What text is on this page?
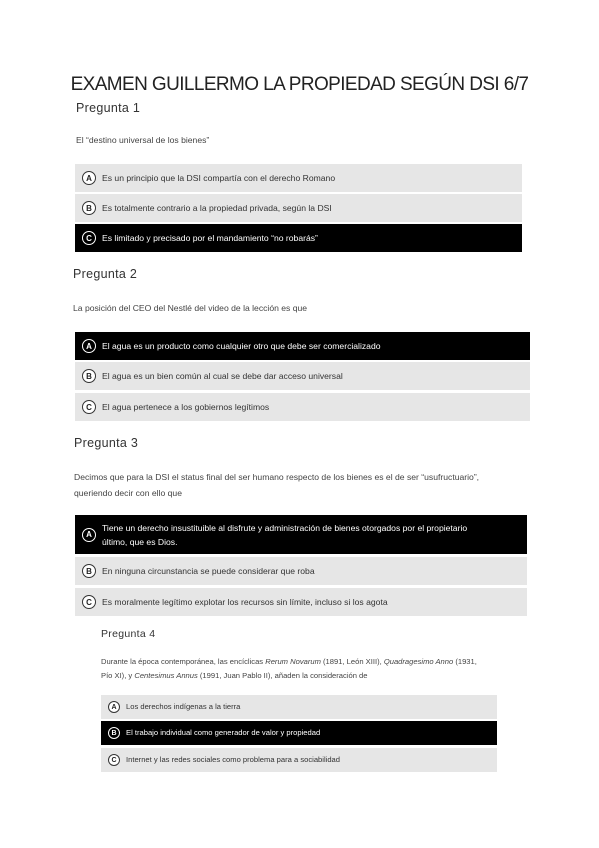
EXAMEN GUILLERMO LA PROPIEDAD SEGÚN DSI 6/7
Pregunta 1
El “destino universal de los bienes”
A	Es un principio que la DSI compartía con el derecho Romano
B	Es totalmente contrario a la propiedad privada, según la DSI
C	Es limitado y precisado por el mandamiento “no robarás”
Pregunta 2
La posición del CEO del Nestlé del video de la lección es que
A	El agua es un producto como cualquier otro que debe ser comercializado
B	El agua es un bien común al cual se debe dar acceso universal
C	El agua pertenece a los gobiernos legítimos
Pregunta 3
Decimos que para la DSI el status final del ser humano respecto de los bienes es el de ser “usufructuario”,
queriendo decir con ello que
A
Tiene un derecho insustituible al disfrute y administración de bienes otorgados por el propietario
último, que es Dios.
B	En ninguna circunstancia se puede considerar que roba
C	Es moralmente legítimo explotar los recursos sin límite, incluso si los agota
Pregunta 4
Durante la época contemporánea, las encíclicas Rerum Novarum (1891, León XIII), Quadragesimo Anno (1931,
Pío XI), y Centesimus Annus (1991, Juan Pablo II), añaden la consideración de
A	Los derechos indígenas a la tierra
B	El trabajo individual como generador de valor y propiedad
C	Internet y las redes sociales como problema para a sociabilidad
